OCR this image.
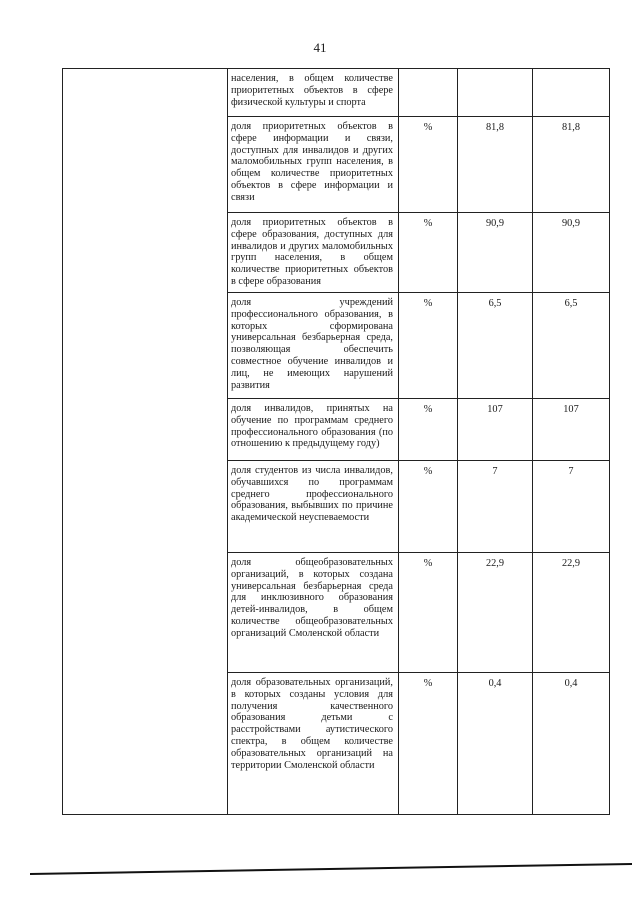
41

	населения, в общем количестве приоритетных объектов в сфере физической культуры и спорта			

	доля приоритетных объектов в сфере информации и связи, доступных для инвалидов и других маломобильных групп населения, в общем количестве приоритетных объектов в сфере информации и связи	%	81,8	81,8

	доля приоритетных объектов в сфере образования, доступных для инвалидов и других маломобильных групп населения, в общем количестве приоритетных объектов в сфере образования	%	90,9	90,9

	доля учреждений профессионального образования, в которых сформирована универсальная безбарьерная среда, позволяющая обеспечить совместное обучение инвалидов и лиц, не имеющих нарушений развития	%	6,5	6,5

	доля инвалидов, принятых на обучение по программам среднего профессионального образования (по отношению к предыдущему году)	%	107	107

	доля студентов из числа инвалидов, обучавшихся по программам среднего профессионального образования, выбывших по причине академической неуспеваемости	%	7	7

	доля общеобразовательных организаций, в которых создана универсальная безбарьерная среда для инклюзивного образования детей-инвалидов, в общем количестве общеобразовательных организаций Смоленской области	%	22,9	22,9

	доля образовательных организаций, в которых созданы условия для получения качественного образования детьми с расстройствами аутистического спектра, в общем количестве образовательных организаций на территории Смоленской области	%	0,4	0,4
